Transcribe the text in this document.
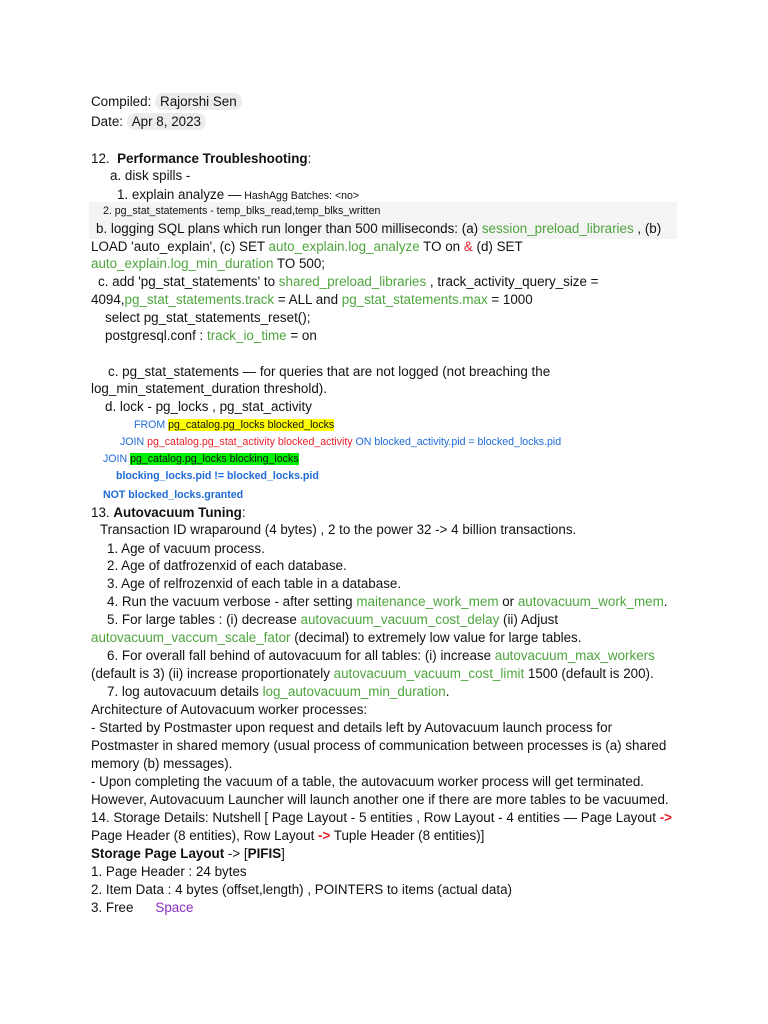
Compiled: Rajorshi Sen
Date: Apr 8, 2023
12. Performance Troubleshooting:
a. disk spills -
1. explain analyze — HashAgg Batches: <no>
2. pg_stat_statements - temp_blks_read,temp_blks_written
b. logging SQL plans which run longer than 500 milliseconds: (a) session_preload_libraries , (b)
LOAD 'auto_explain', (c) SET auto_explain.log_analyze TO on & (d) SET
auto_explain.log_min_duration TO 500;
c. add 'pg_stat_statements' to shared_preload_libraries , track_activity_query_size =
4094,pg_stat_statements.track = ALL and pg_stat_statements.max = 1000
select pg_stat_statements_reset();
postgresql.conf : track_io_time = on
c. pg_stat_statements — for queries that are not logged (not breaching the
log_min_statement_duration threshold).
d. lock - pg_locks , pg_stat_activity
FROM pg_catalog.pg_locks blocked_locks
JOIN pg_catalog.pg_stat_activity blocked_activity ON blocked_activity.pid = blocked_locks.pid
JOIN pg_catalog.pg_locks blocking_locks
blocking_locks.pid != blocked_locks.pid
NOT blocked_locks.granted
13. Autovacuum Tuning:
Transaction ID wraparound (4 bytes) , 2 to the power 32 -> 4 billion transactions.
1. Age of vacuum process.
2. Age of datfrozenxid of each database.
3. Age of relfrozenxid of each table in a database.
4. Run the vacuum verbose - after setting maitenance_work_mem or autovacuum_work_mem.
5. For large tables : (i) decrease autovacuum_vacuum_cost_delay (ii) Adjust
autovacuum_vaccum_scale_fator (decimal) to extremely low value for large tables.
6. For overall fall behind of autovacuum for all tables: (i) increase autovacuum_max_workers
(default is 3) (ii) increase proportionately autovacuum_vacuum_cost_limit 1500 (default is 200).
7. log autovacuum details log_autovacuum_min_duration.
Architecture of Autovacuum worker processes:
- Started by Postmaster upon request and details left by Autovacuum launch process for
Postmaster in shared memory (usual process of communication between processes is (a) shared
memory (b) messages).
- Upon completing the vacuum of a table, the autovacuum worker process will get terminated.
However, Autovacuum Launcher will launch another one if there are more tables to be vacuumed.
14. Storage Details: Nutshell [ Page Layout - 5 entities , Row Layout - 4 entities — Page Layout ->
Page Header (8 entities), Row Layout -> Tuple Header (8 entities)]
Storage Page Layout -> [PIFIS]
1. Page Header : 24 bytes
2. Item Data : 4 bytes (offset,length) , POINTERS to items (actual data)
3. Free Space
